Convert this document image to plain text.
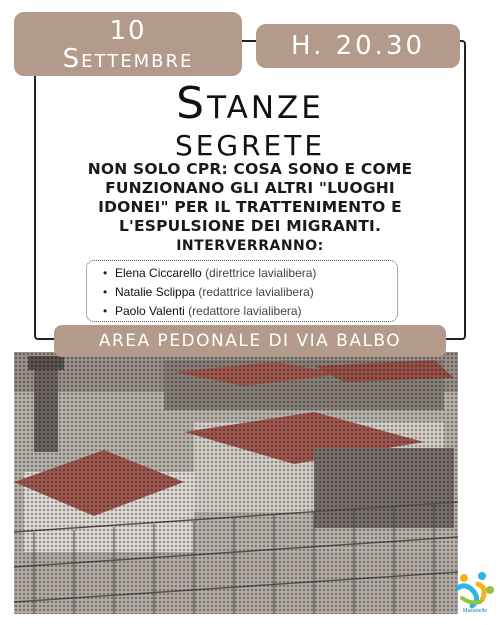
10
Settembre	H. 20.30
Stanze
segrete
NON SOLO CPR: COSA SONO E COME
FUNZIONANO GLI ALTRI "LUOGHI
IDONEI" PER IL TRATTENIMENTO E
L'ESPULSIONE DEI MIGRANTI.
INTERVERRANNO:
• Elena Ciccarello (direttrice lavialibera)
• Natalie Sclippa (redattrice lavialibera)
• Paolo Valenti (redattore lavialibera)
AREA PEDONALE DI VIA BALBO
Maranello
